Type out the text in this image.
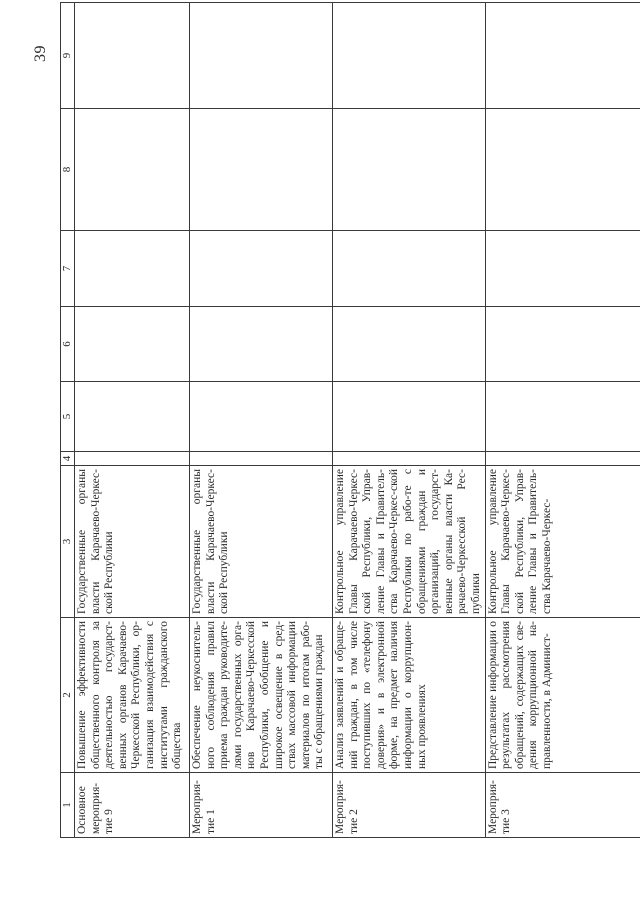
39
1	2	3	4	5	6	7	8	9
Основное мероприя-тие 9	Повышение эффективности общественного контроля за деятельностью государст-венных органов Карачаево-Черкесской Республики, ор-ганизация взаимодействия с институтами гражданского общества	Государственные органы власти Карачаево-Черкес-ской Республики						
Мероприя-тие 1	Обеспечение неукоснитель-ного соблюдения правил приема граждан руководите-лями государственных орга-нов Карачаево-Черкесской Республики, обобщение и широкое освещение в сред-ствах массовой информации материалов по итогам рабо-ты с обращениями граждан	Государственные органы власти Карачаево-Черкес-ской Республики						
Мероприя-тие 2	Анализ заявлений и обраще-ний граждан, в том числе поступивших по «телефону доверия» и в электронной форме, на предмет наличия информации о коррупцион-ных проявлениях	Контрольное управление Главы Карачаево-Черкес-ской Республики, Управ-ление Главы и Правитель-ства Карачаево-Черкес-ской Республики по рабо-те с обращениями граждан и организаций, государст-венные органы власти Ка-рачаево-Черкесской Рес-публики						
Мероприя-тие 3	Представление информации о результатах рассмотрения обращений, содержащих све-дения коррупционной на-правленности, в Админист-	Контрольное управление Главы Карачаево-Черкес-ской Республики, Управ-ление Главы и Правитель-ства Карачаево-Черкес-						
